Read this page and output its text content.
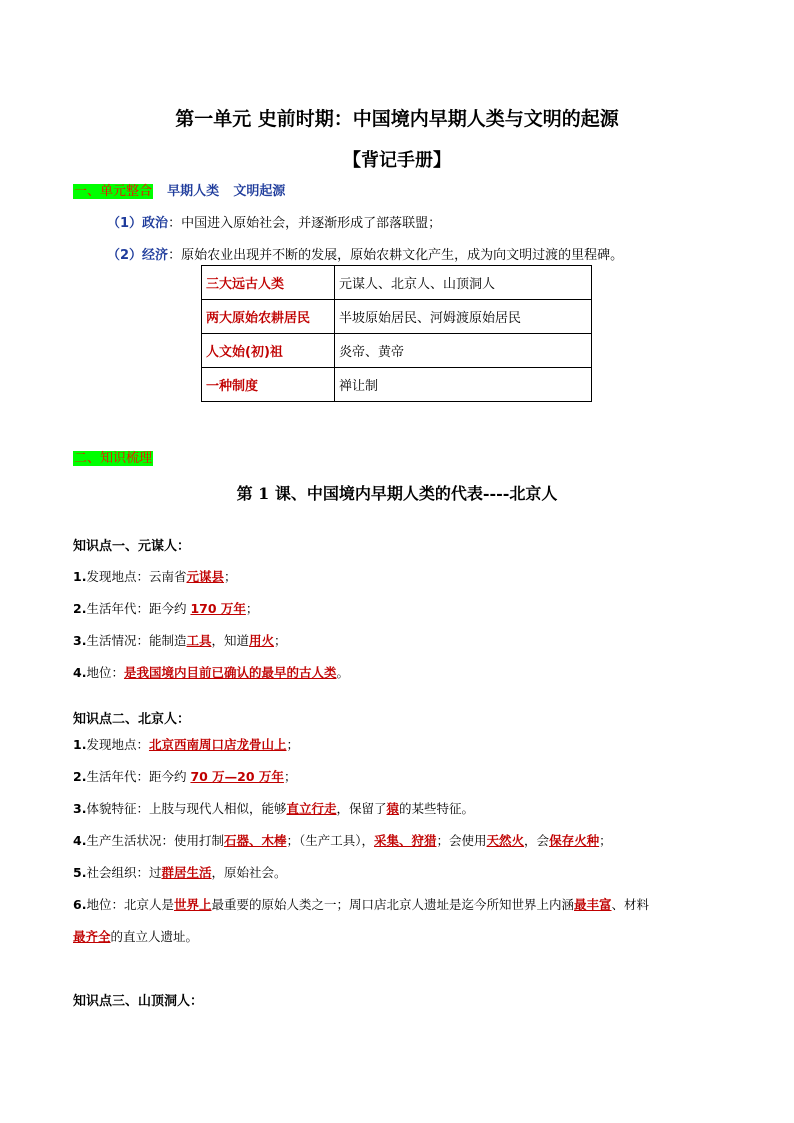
第一单元 史前时期：中国境内早期人类与文明的起源
【背记手册】
一、单元整合 早期人类 文明起源
（1）政治：中国进入原始社会，并逐渐形成了部落联盟；
（2）经济：原始农业出现并不断的发展，原始农耕文化产生，成为向文明过渡的里程碑。
三大远古人类	元谋人、北京人、山顶洞人
两大原始农耕居民	半坡原始居民、河姆渡原始居民
人文始(初)祖	炎帝、黄帝
一种制度	禅让制
二、知识梳理
第 1 课、中国境内早期人类的代表----北京人
知识点一、元谋人：
1.发现地点：云南省元谋县；
2.生活年代：距今约 170 万年；
3.生活情况：能制造工具，知道用火；
4.地位：是我国境内目前已确认的最早的古人类。
知识点二、北京人：
1.发现地点：北京西南周口店龙骨山上；
2.生活年代：距今约 70 万—20 万年；
3.体貌特征：上肢与现代人相似，能够直立行走，保留了猿的某些特征。
4.生产生活状况：使用打制石器、木棒；（生产工具），采集、狩猎；会使用天然火，会保存火种；
5.社会组织：过群居生活，原始社会。
6.地位：北京人是世界上最重要的原始人类之一；周口店北京人遗址是迄今所知世界上内涵最丰富、材料
最齐全的直立人遗址。
知识点三、山顶洞人：
